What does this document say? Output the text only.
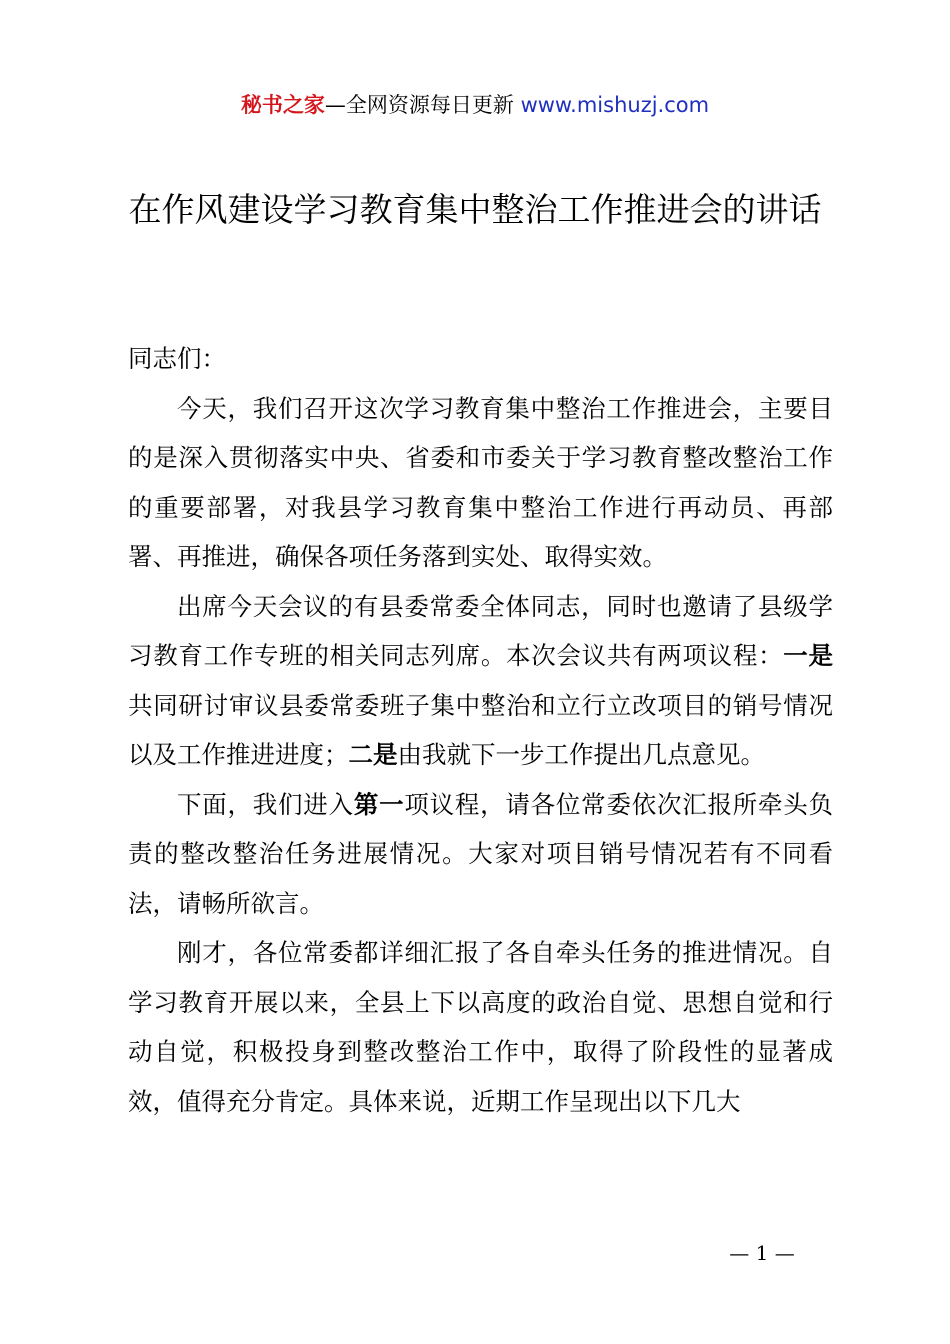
秘书之家—全网资源每日更新 www.mishuzj.com
在作风建设学习教育集中整治工作推进会的讲话

同志们：

今天，我们召开这次学习教育集中整治工作推进会，主要目的是深入贯彻落实中央、省委和市委关于学习教育整改整治工作的重要部署，对我县学习教育集中整治工作进行再动员、再部署、再推进，确保各项任务落到实处、取得实效。

出席今天会议的有县委常委全体同志，同时也邀请了县级学习教育工作专班的相关同志列席。本次会议共有两项议程：一是共同研讨审议县委常委班子集中整治和立行立改项目的销号情况以及工作推进进度；二是由我就下一步工作提出几点意见。

下面，我们进入第一项议程，请各位常委依次汇报所牵头负责的整改整治任务进展情况。大家对项目销号情况若有不同看法，请畅所欲言。

刚才，各位常委都详细汇报了各自牵头任务的推进情况。自学习教育开展以来，全县上下以高度的政治自觉、思想自觉和行动自觉，积极投身到整改整治工作中，取得了阶段性的显著成效，值得充分肯定。具体来说，近期工作呈现出以下几大

— 1 —
